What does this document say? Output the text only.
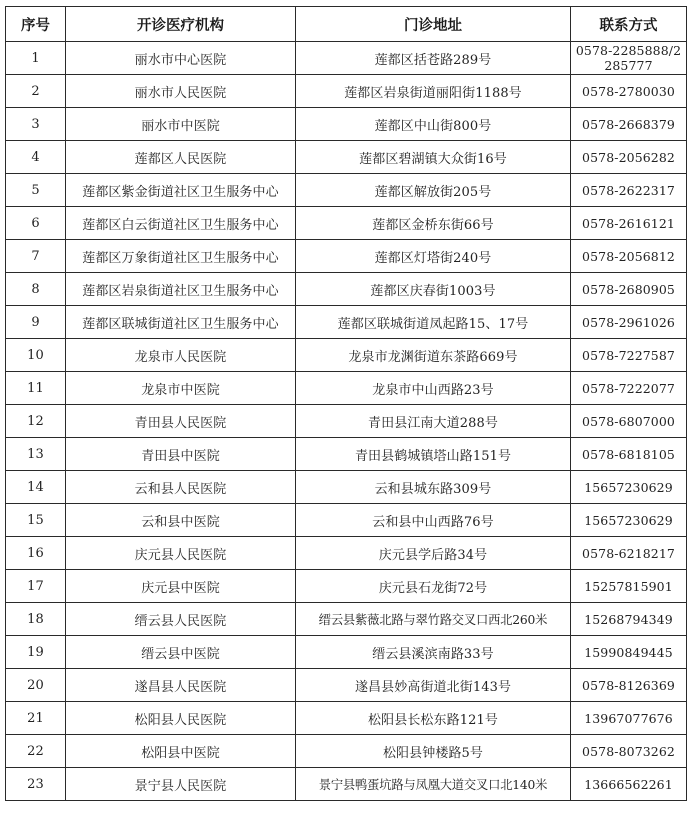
序号	开诊医疗机构	门诊地址	联系方式
1	丽水市中心医院	莲都区括苍路289号	0578-2285888/2285777
2	丽水市人民医院	莲都区岩泉街道丽阳街1188号	0578-2780030
3	丽水市中医院	莲都区中山街800号	0578-2668379
4	莲都区人民医院	莲都区碧湖镇大众街16号	0578-2056282
5	莲都区紫金街道社区卫生服务中心	莲都区解放街205号	0578-2622317
6	莲都区白云街道社区卫生服务中心	莲都区金桥东街66号	0578-2616121
7	莲都区万象街道社区卫生服务中心	莲都区灯塔街240号	0578-2056812
8	莲都区岩泉街道社区卫生服务中心	莲都区庆春街1003号	0578-2680905
9	莲都区联城街道社区卫生服务中心	莲都区联城街道凤起路15、17号	0578-2961026
10	龙泉市人民医院	龙泉市龙渊街道东茶路669号	0578-7227587
11	龙泉市中医院	龙泉市中山西路23号	0578-7222077
12	青田县人民医院	青田县江南大道288号	0578-6807000
13	青田县中医院	青田县鹤城镇塔山路151号	0578-6818105
14	云和县人民医院	云和县城东路309号	15657230629
15	云和县中医院	云和县中山西路76号	15657230629
16	庆元县人民医院	庆元县学后路34号	0578-6218217
17	庆元县中医院	庆元县石龙街72号	15257815901
18	缙云县人民医院	缙云县紫薇北路与翠竹路交叉口西北260米	15268794349
19	缙云县中医院	缙云县溪滨南路33号	15990849445
20	遂昌县人民医院	遂昌县妙高街道北街143号	0578-8126369
21	松阳县人民医院	松阳县长松东路121号	13967077676
22	松阳县中医院	松阳县钟楼路5号	0578-8073262
23	景宁县人民医院	景宁县鸭蛋坑路与凤凰大道交叉口北140米	13666562261
